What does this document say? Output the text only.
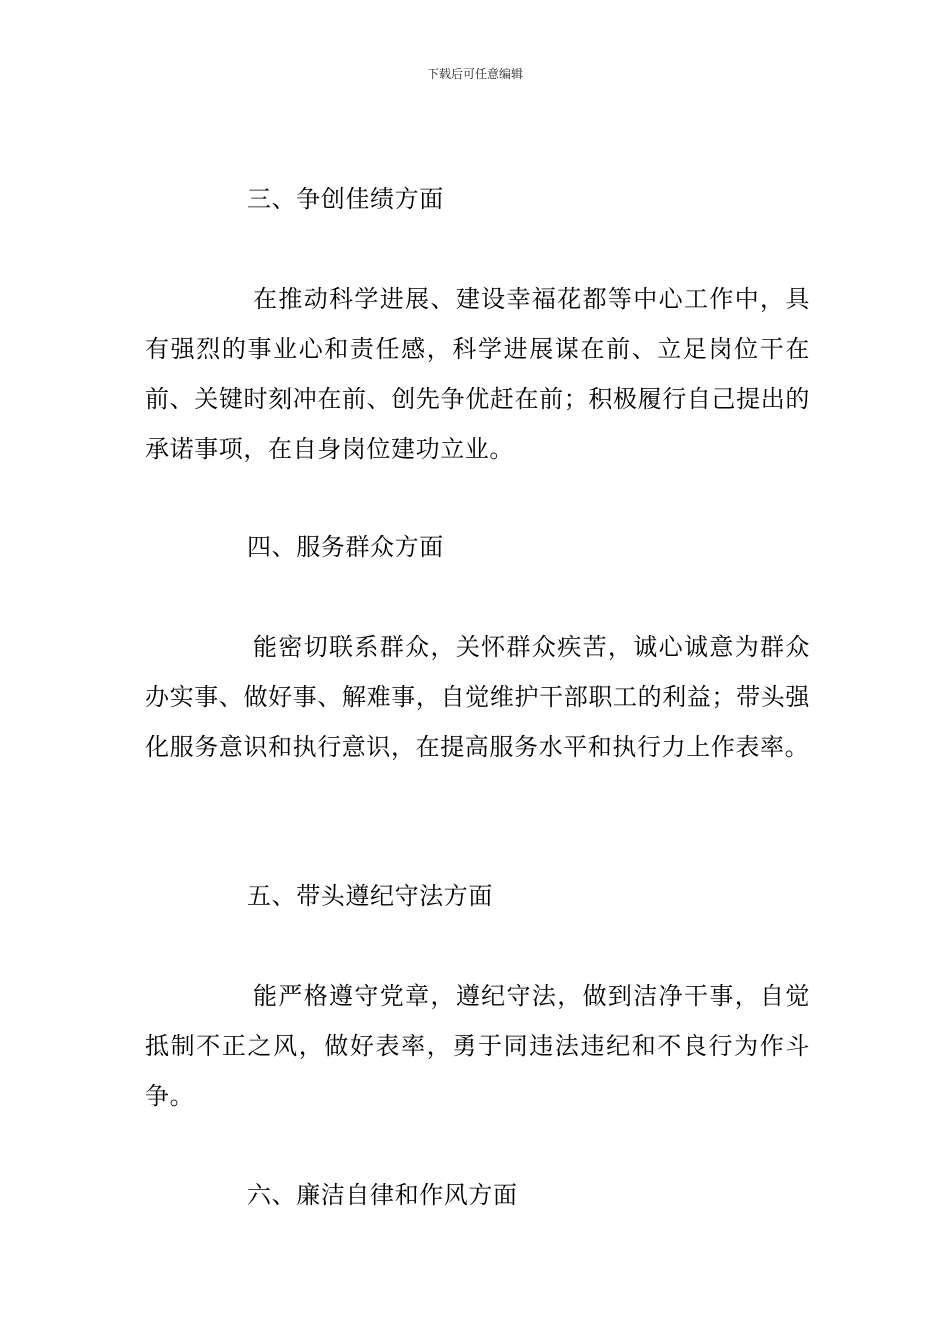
下载后可任意编辑

三、争创佳绩方面

在推动科学进展、建设幸福花都等中心工作中，具有强烈的事业心和责任感，科学进展谋在前、立足岗位干在前、关键时刻冲在前、创先争优赶在前；积极履行自己提出的承诺事项，在自身岗位建功立业。

四、服务群众方面

能密切联系群众，关怀群众疾苦，诚心诚意为群众办实事、做好事、解难事，自觉维护干部职工的利益；带头强化服务意识和执行意识，在提高服务水平和执行力上作表率。

五、带头遵纪守法方面

能严格遵守党章，遵纪守法，做到洁净干事，自觉抵制不正之风，做好表率，勇于同违法违纪和不良行为作斗争。

六、廉洁自律和作风方面
